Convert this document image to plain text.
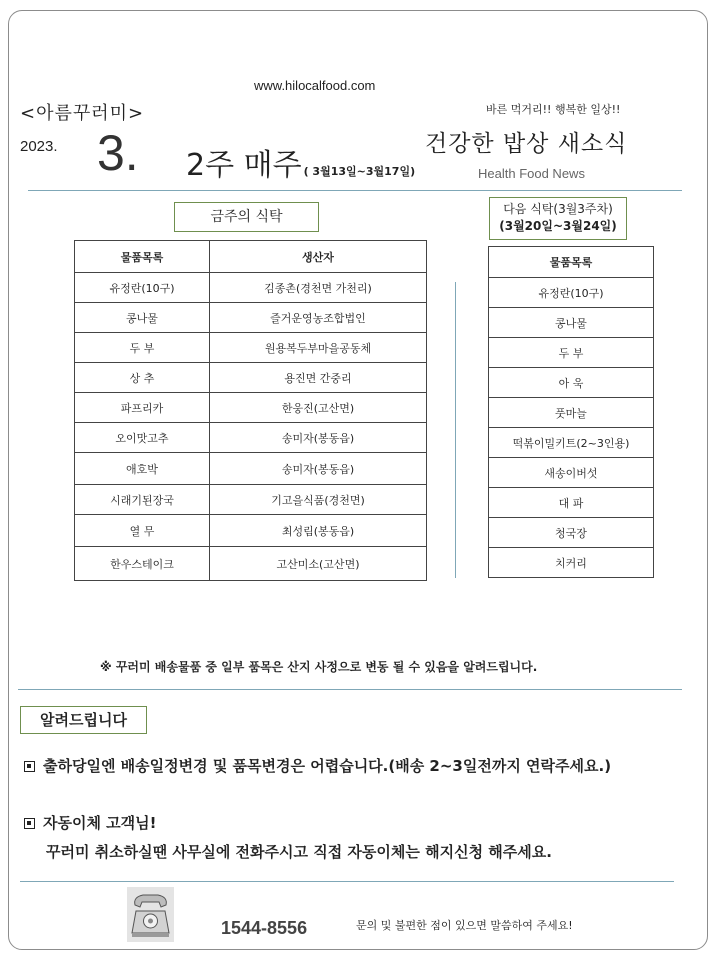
www.hilocalfood.com
<아름꾸러미>	바른 먹거리!! 행복한 일상!!
2023. 3. 2주 매주 ( 3월13일~3월17일)
건강한 밥상 새소식
Health Food News
금주의 식탁	다음 식탁(3월3주차)
(3월20일~3월24일)
물품목록	생산자
유정란(10구)	김종촌(경천면 가천리)
콩나물	즐거운영농조합법인
두 부	원용복두부마을공동체
상 추	용진면 간중리
파프리카	한웅진(고산면)
오이맛고추	송미자(봉동읍)
애호박	송미자(봉동읍)
시래기된장국	기고을식품(경천면)
열 무	최성림(봉동읍)
한우스테이크	고산미소(고산면)
물품목록
유정란(10구)
콩나물
두 부
아 욱
풋마늘
떡볶이밀키트(2~3인용)
새송이버섯
대 파
청국장
치커리
※ 꾸러미 배송물품 중 일부 품목은 산지 사정으로 변동 될 수 있음을 알려드립니다.
알려드립니다
출하당일엔 배송일정변경 및 품목변경은 어렵습니다.(배송 2~3일전까지 연락주세요.)
자동이체 고객님!
꾸러미 취소하실땐 사무실에 전화주시고 직접 자동이체는 해지신청 해주세요.
1544-8556	문의 및 불편한 점이 있으면 말씀하여 주세요!
